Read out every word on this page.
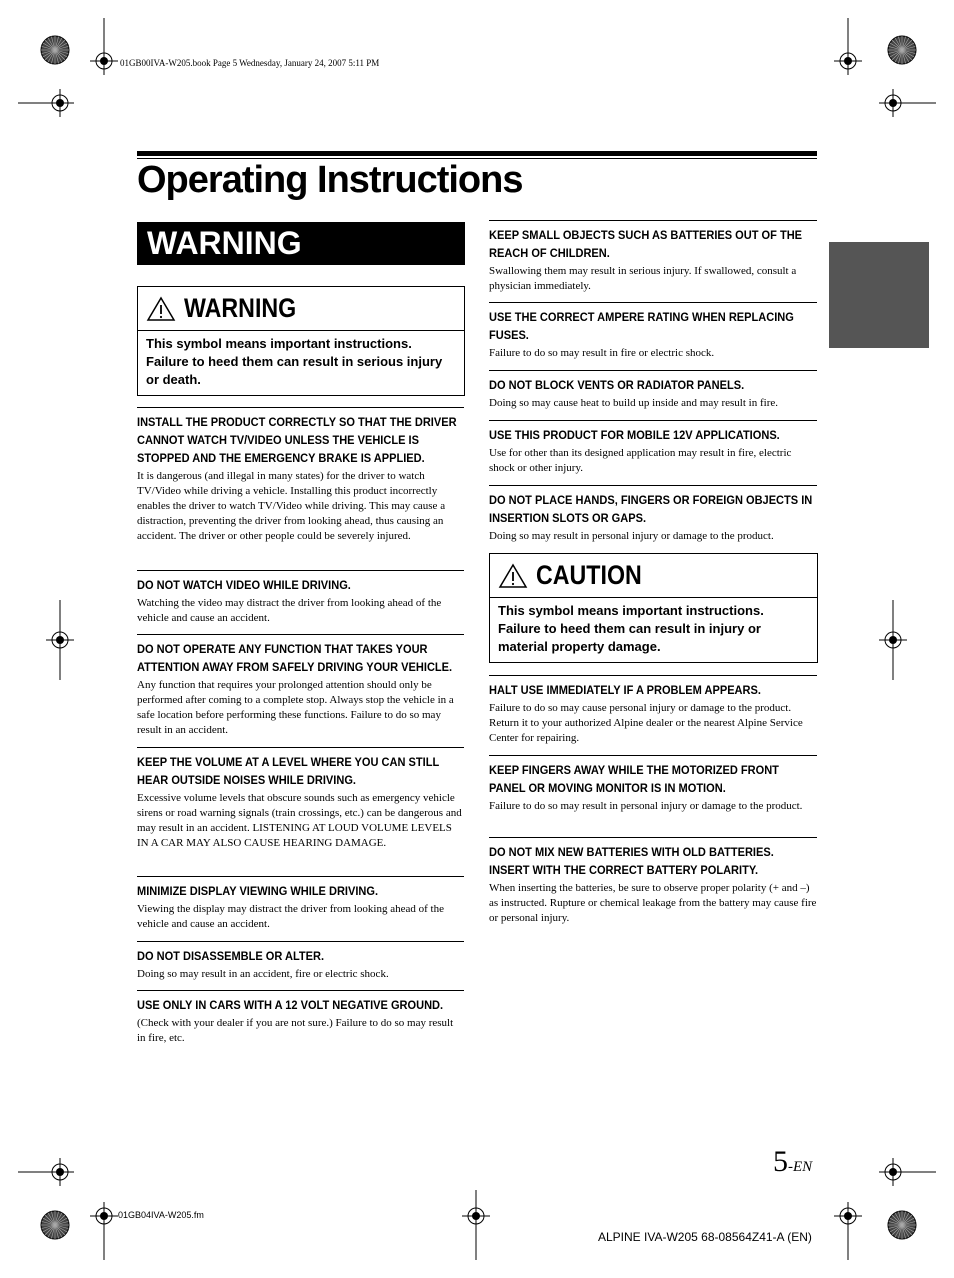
01GB00IVA-W205.book Page 5 Wednesday, January 24, 2007 5:11 PM
Operating Instructions
WARNING
WARNING
This symbol means important instructions. Failure to heed them can result in serious injury or death.
CAUTION
This symbol means important instructions. Failure to heed them can result in injury or material property damage.
INSTALL THE PRODUCT CORRECTLY SO THAT THE DRIVER CANNOT WATCH TV/VIDEO UNLESS THE VEHICLE IS STOPPED AND THE EMERGENCY BRAKE IS APPLIED.

It is dangerous (and illegal in many states) for the driver to watch TV/Video while driving a vehicle. Installing this product incorrectly enables the driver to watch TV/Video while driving. This may cause a distraction, preventing the driver from looking ahead, thus causing an accident. The driver or other people could be severely injured.

DO NOT WATCH VIDEO WHILE DRIVING.

Watching the video may distract the driver from looking ahead of the vehicle and cause an accident.

DO NOT OPERATE ANY FUNCTION THAT TAKES YOUR ATTENTION AWAY FROM SAFELY DRIVING YOUR VEHICLE.

Any function that requires your prolonged attention should only be performed after coming to a complete stop. Always stop the vehicle in a safe location before performing these functions. Failure to do so may result in an accident.

KEEP THE VOLUME AT A LEVEL WHERE YOU CAN STILL HEAR OUTSIDE NOISES WHILE DRIVING.

Excessive volume levels that obscure sounds such as emergency vehicle sirens or road warning signals (train crossings, etc.) can be dangerous and may result in an accident. LISTENING AT LOUD VOLUME LEVELS IN A CAR MAY ALSO CAUSE HEARING DAMAGE.

MINIMIZE DISPLAY VIEWING WHILE DRIVING.

Viewing the display may distract the driver from looking ahead of the vehicle and cause an accident.

DO NOT DISASSEMBLE OR ALTER.

Doing so may result in an accident, fire or electric shock.

USE ONLY IN CARS WITH A 12 VOLT NEGATIVE GROUND.

(Check with your dealer if you are not sure.) Failure to do so may result in fire, etc.

KEEP SMALL OBJECTS SUCH AS BATTERIES OUT OF THE REACH OF CHILDREN.

Swallowing them may result in serious injury. If swallowed, consult a physician immediately.

USE THE CORRECT AMPERE RATING WHEN REPLACING FUSES.

Failure to do so may result in fire or electric shock.

DO NOT BLOCK VENTS OR RADIATOR PANELS.

Doing so may cause heat to build up inside and may result in fire.

USE THIS PRODUCT FOR MOBILE 12V APPLICATIONS.

Use for other than its designed application may result in fire, electric shock or other injury.

DO NOT PLACE HANDS, FINGERS OR FOREIGN OBJECTS IN INSERTION SLOTS OR GAPS.

Doing so may result in personal injury or damage to the product.

HALT USE IMMEDIATELY IF A PROBLEM APPEARS.

Failure to do so may cause personal injury or damage to the product. Return it to your authorized Alpine dealer or the nearest Alpine Service Center for repairing.

KEEP FINGERS AWAY WHILE THE MOTORIZED FRONT PANEL OR MOVING MONITOR IS IN MOTION.

Failure to do so may result in personal injury or damage to the product.

DO NOT MIX NEW BATTERIES WITH OLD BATTERIES. INSERT WITH THE CORRECT BATTERY POLARITY.

When inserting the batteries, be sure to observe proper polarity (+ and –) as instructed. Rupture or chemical leakage from the battery may cause fire or personal injury.

5-EN
01GB04IVA-W205.fm
ALPINE IVA-W205 68-08564Z41-A (EN)
